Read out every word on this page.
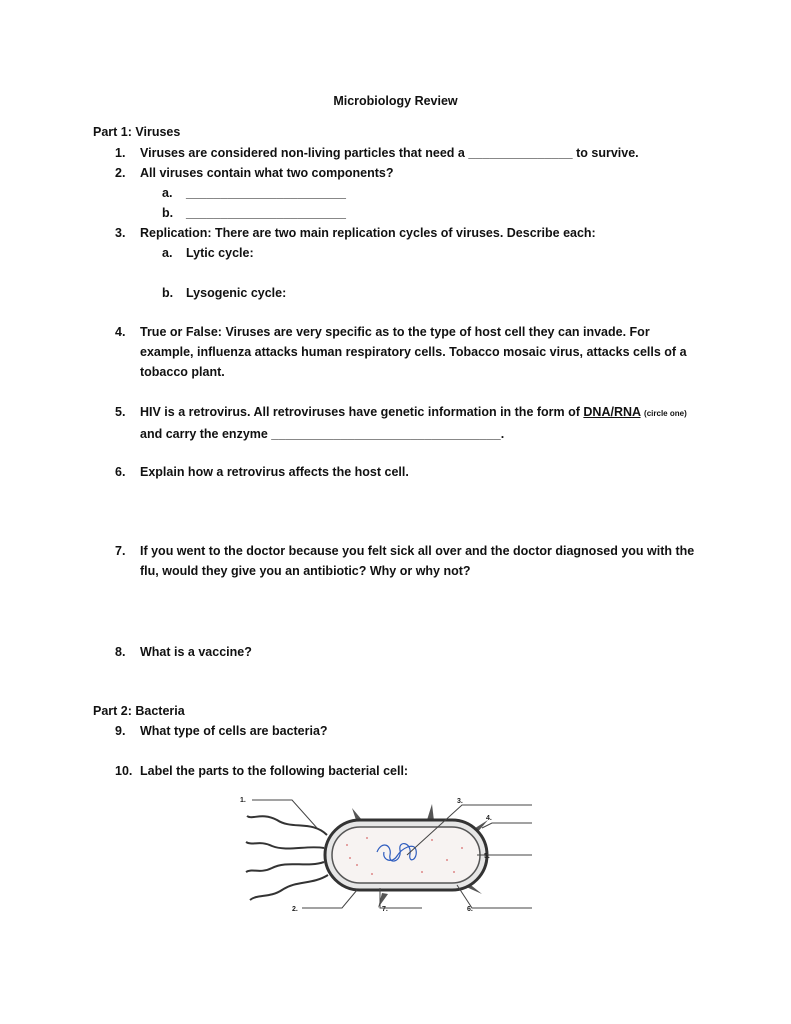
Microbiology Review
Part 1: Viruses
1. Viruses are considered non-living particles that need a _______________ to survive.
2. All viruses contain what two components?
a. _______________________
b. _______________________
3. Replication: There are two main replication cycles of viruses. Describe each:
a. Lytic cycle:
b. Lysogenic cycle:
4. True or False: Viruses are very specific as to the type of host cell they can invade. For example, influenza attacks human respiratory cells. Tobacco mosaic virus, attacks cells of a tobacco plant.
5. HIV is a retrovirus. All retroviruses have genetic information in the form of DNA/RNA (circle one)
and carry the enzyme _________________________________.
6. Explain how a retrovirus affects the host cell.
7. If you went to the doctor because you felt sick all over and the doctor diagnosed you with the flu, would they give you an antibiotic? Why or why not?
8. What is a vaccine?
Part 2: Bacteria
9. What type of cells are bacteria?
10. Label the parts to the following bacterial cell:
1.
2.
3.
4.
5.
6.
7.
